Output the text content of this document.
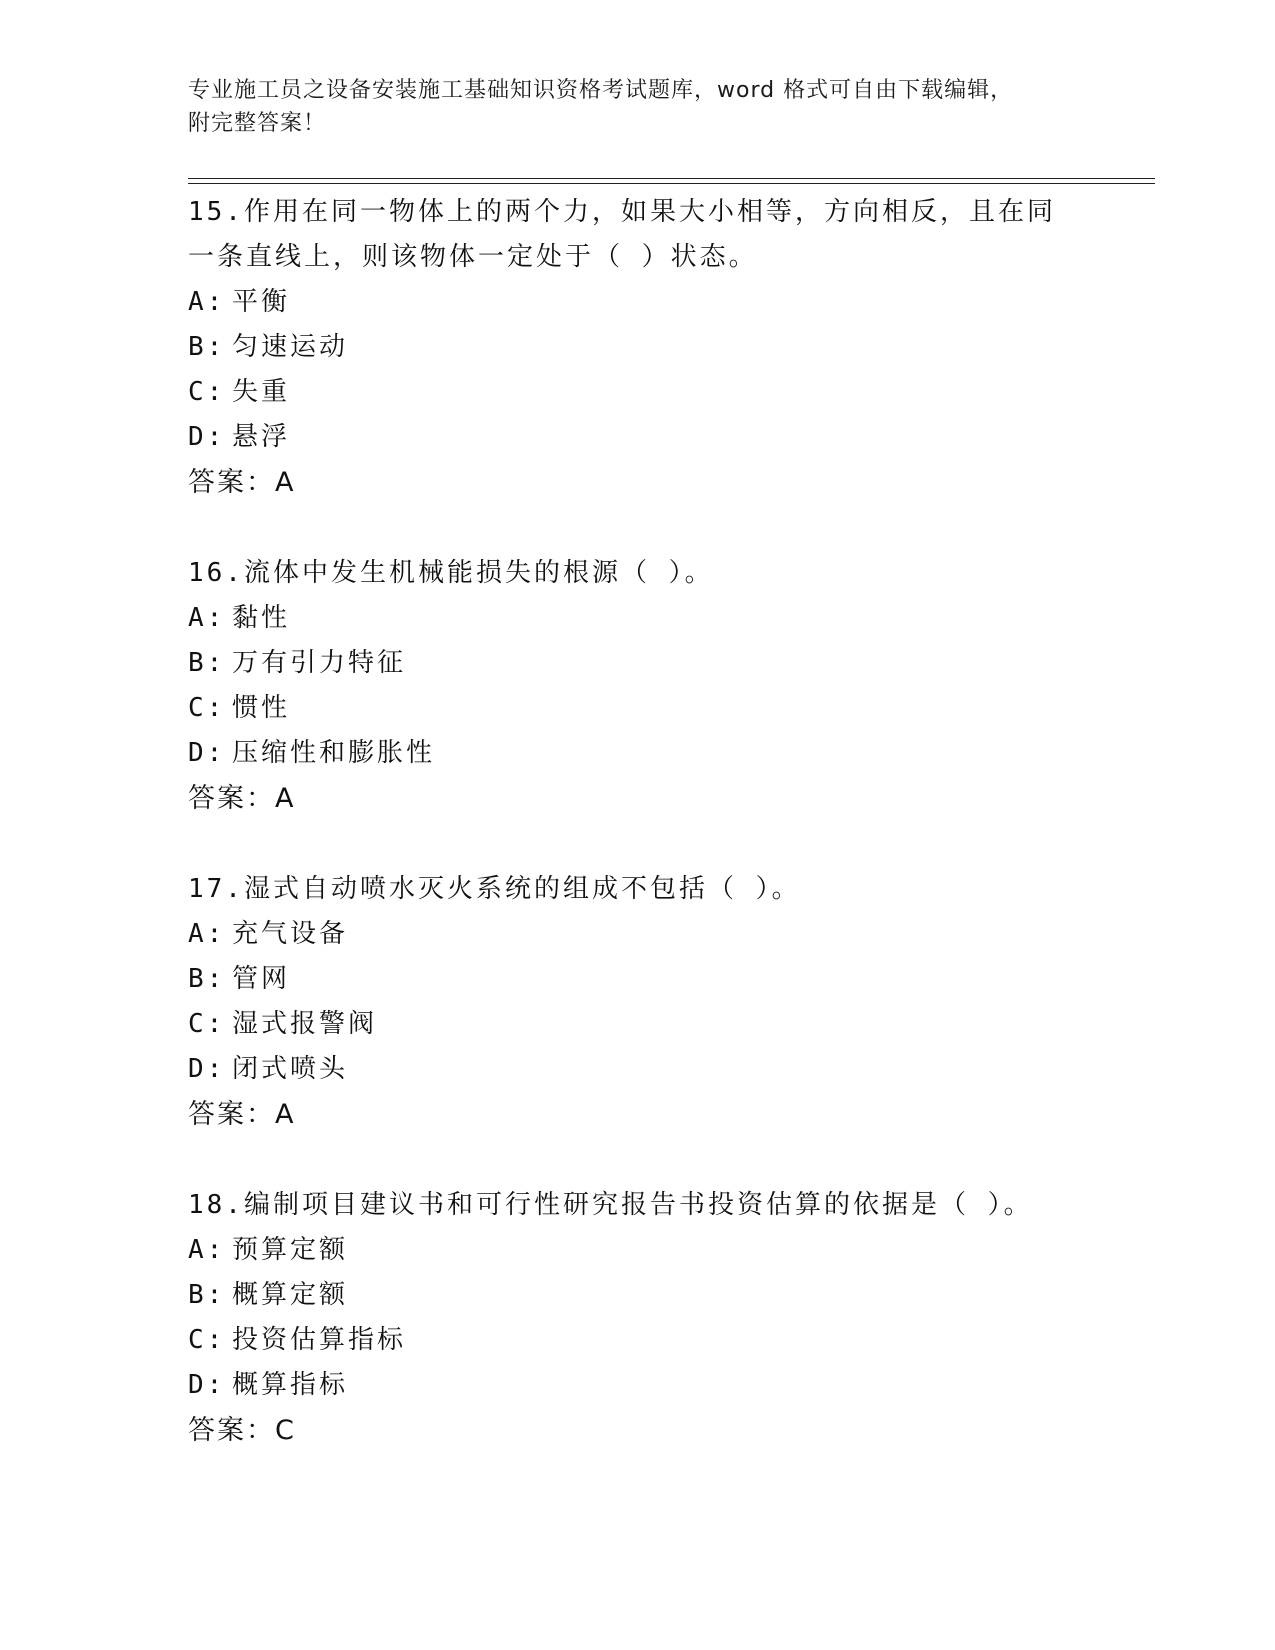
专业施工员之设备安装施工基础知识资格考试题库，word 格式可自由下载编辑，

附完整答案！

15.作用在同一物体上的两个力，如果大小相等，方向相反，且在同一条直线上，则该物体一定处于（ ）状态。

A: 平衡

B: 匀速运动

C: 失重

D: 悬浮

答案：A

16.流体中发生机械能损失的根源（ ）。

A: 黏性

B: 万有引力特征

C: 惯性

D: 压缩性和膨胀性

答案：A

17.湿式自动喷水灭火系统的组成不包括（ ）。

A: 充气设备

B: 管网

C: 湿式报警阀

D: 闭式喷头

答案：A

18.编制项目建议书和可行性研究报告书投资估算的依据是（ ）。

A: 预算定额

B: 概算定额

C: 投资估算指标

D: 概算指标

答案：C
